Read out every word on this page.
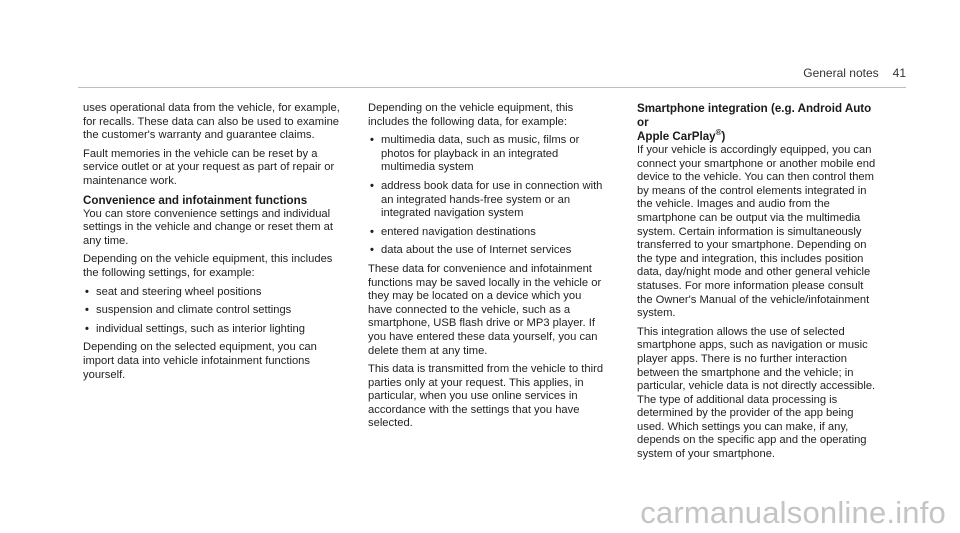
General notes 41

uses operational data from the vehicle, for example, for recalls. These data can also be used to examine the customer's warranty and guarantee claims.

Fault memories in the vehicle can be reset by a service outlet or at your request as part of repair or maintenance work.

Convenience and infotainment functions

You can store convenience settings and individual settings in the vehicle and change or reset them at any time.

Depending on the vehicle equipment, this includes the following settings, for example:

• seat and steering wheel positions
• suspension and climate control settings
• individual settings, such as interior lighting

Depending on the selected equipment, you can import data into vehicle infotainment functions yourself.

Depending on the vehicle equipment, this includes the following data, for example:

• multimedia data, such as music, films or photos for playback in an integrated multimedia system
• address book data for use in connection with an integrated hands-free system or an integrated navigation system
• entered navigation destinations
• data about the use of Internet services

These data for convenience and infotainment functions may be saved locally in the vehicle or they may be located on a device which you have connected to the vehicle, such as a smartphone, USB flash drive or MP3 player. If you have entered these data yourself, you can delete them at any time.

This data is transmitted from the vehicle to third parties only at your request. This applies, in particular, when you use online services in accordance with the settings that you have selected.

Smartphone integration (e.g. Android Auto or
Apple CarPlay®)

If your vehicle is accordingly equipped, you can connect your smartphone or another mobile end device to the vehicle. You can then control them by means of the control elements integrated in the vehicle. Images and audio from the smartphone can be output via the multimedia system. Certain information is simultaneously transferred to your smartphone. Depending on the type and integration, this includes position data, day/night mode and other general vehicle statuses. For more information please consult the Owner's Manual of the vehicle/infotainment system.

This integration allows the use of selected smartphone apps, such as navigation or music player apps. There is no further interaction between the smartphone and the vehicle; in particular, vehicle data is not directly accessible. The type of additional data processing is determined by the provider of the app being used. Which settings you can make, if any, depends on the specific app and the operating system of your smartphone.

carmanualsonline.info
